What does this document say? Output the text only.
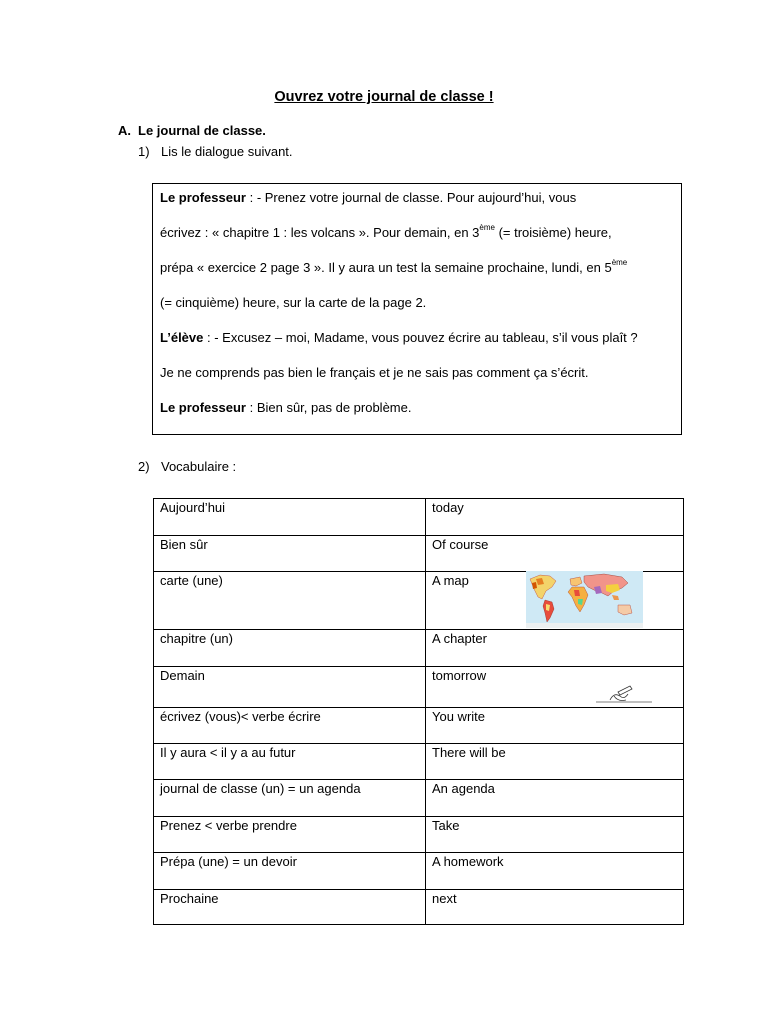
Ouvrez votre journal de classe !
A. Le journal de classe.
1) Lis le dialogue suivant.

Le professeur : - Prenez votre journal de classe. Pour aujourd’hui, vous

écrivez : « chapitre 1 : les volcans ». Pour demain, en 3ème (= troisième) heure,

prépa « exercice 2 page 3 ». Il y aura un test la semaine prochaine, lundi, en 5ème

(= cinquième) heure, sur la carte de la page 2.

L’élève : - Excusez – moi, Madame, vous pouvez écrire au tableau, s’il vous plaît ?

Je ne comprends pas bien le français et je ne sais pas comment ça s’écrit.

Le professeur : Bien sûr, pas de problème.

2) Vocabulaire :
Aujourd’hui	today
Bien sûr	Of course
carte (une)	A map
chapitre (un)	A chapter
Demain	tomorrow
écrivez (vous)< verbe écrire	You write
Il y aura < il y a au futur	There will be
journal de classe (un) = un agenda	An agenda
Prenez < verbe prendre	Take
Prépa (une) = un devoir	A homework
Prochaine	next
